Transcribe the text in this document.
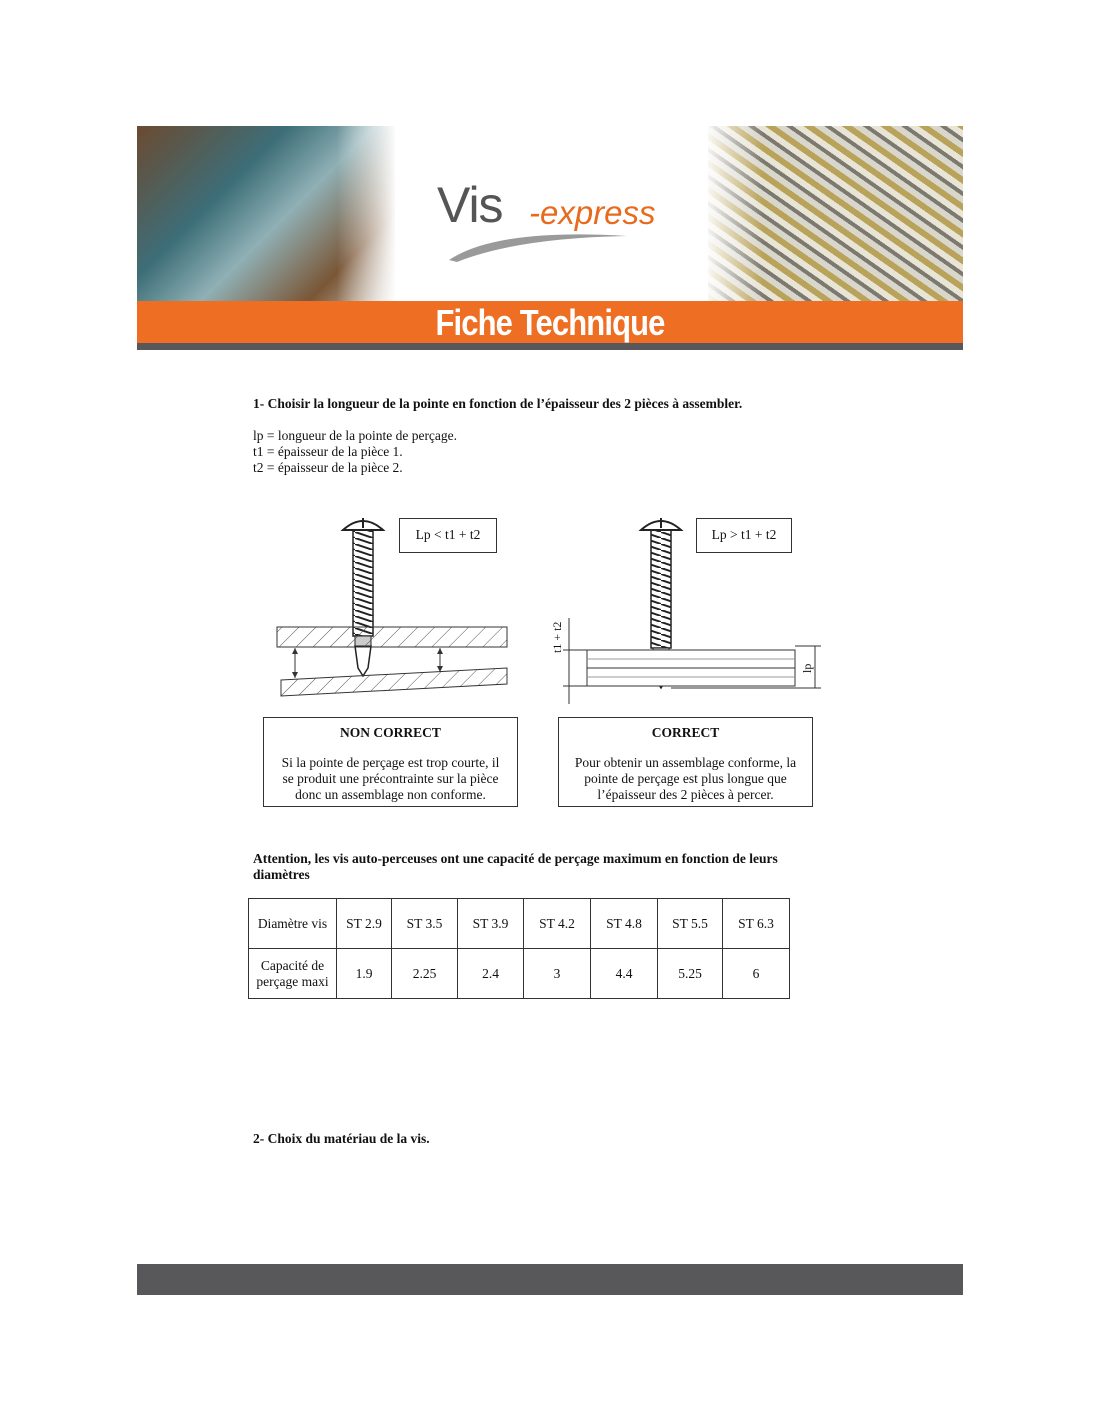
Vis -express
Fiche Technique
1- Choisir la longueur de la pointe en fonction de l’épaisseur des 2 pièces à assembler.
lp = longueur de la pointe de perçage.
t1 = épaisseur de la pièce 1.
t2 = épaisseur de la pièce 2.
t1 + t2
lp
Lp < t1 + t2	Lp > t1 + t2
NON CORRECT
Si la pointe de perçage est trop courte, il
se produit une précontrainte sur la pièce
donc un assemblage non conforme.
CORRECT
Pour obtenir un assemblage conforme, la
pointe de perçage est plus longue que
l’épaisseur des 2 pièces à percer.
Attention, les vis auto-perceuses ont une capacité de perçage maximum en fonction de leurs diamètres
Diamètre vis	ST 2.9	ST 3.5	ST 3.9	ST 4.2	ST 4.8	ST 5.5	ST 6.3

Capacité de
perçage maxi	1.9	2.25	2.4	3	4.4	5.25	6
2- Choix du matériau de la vis.
